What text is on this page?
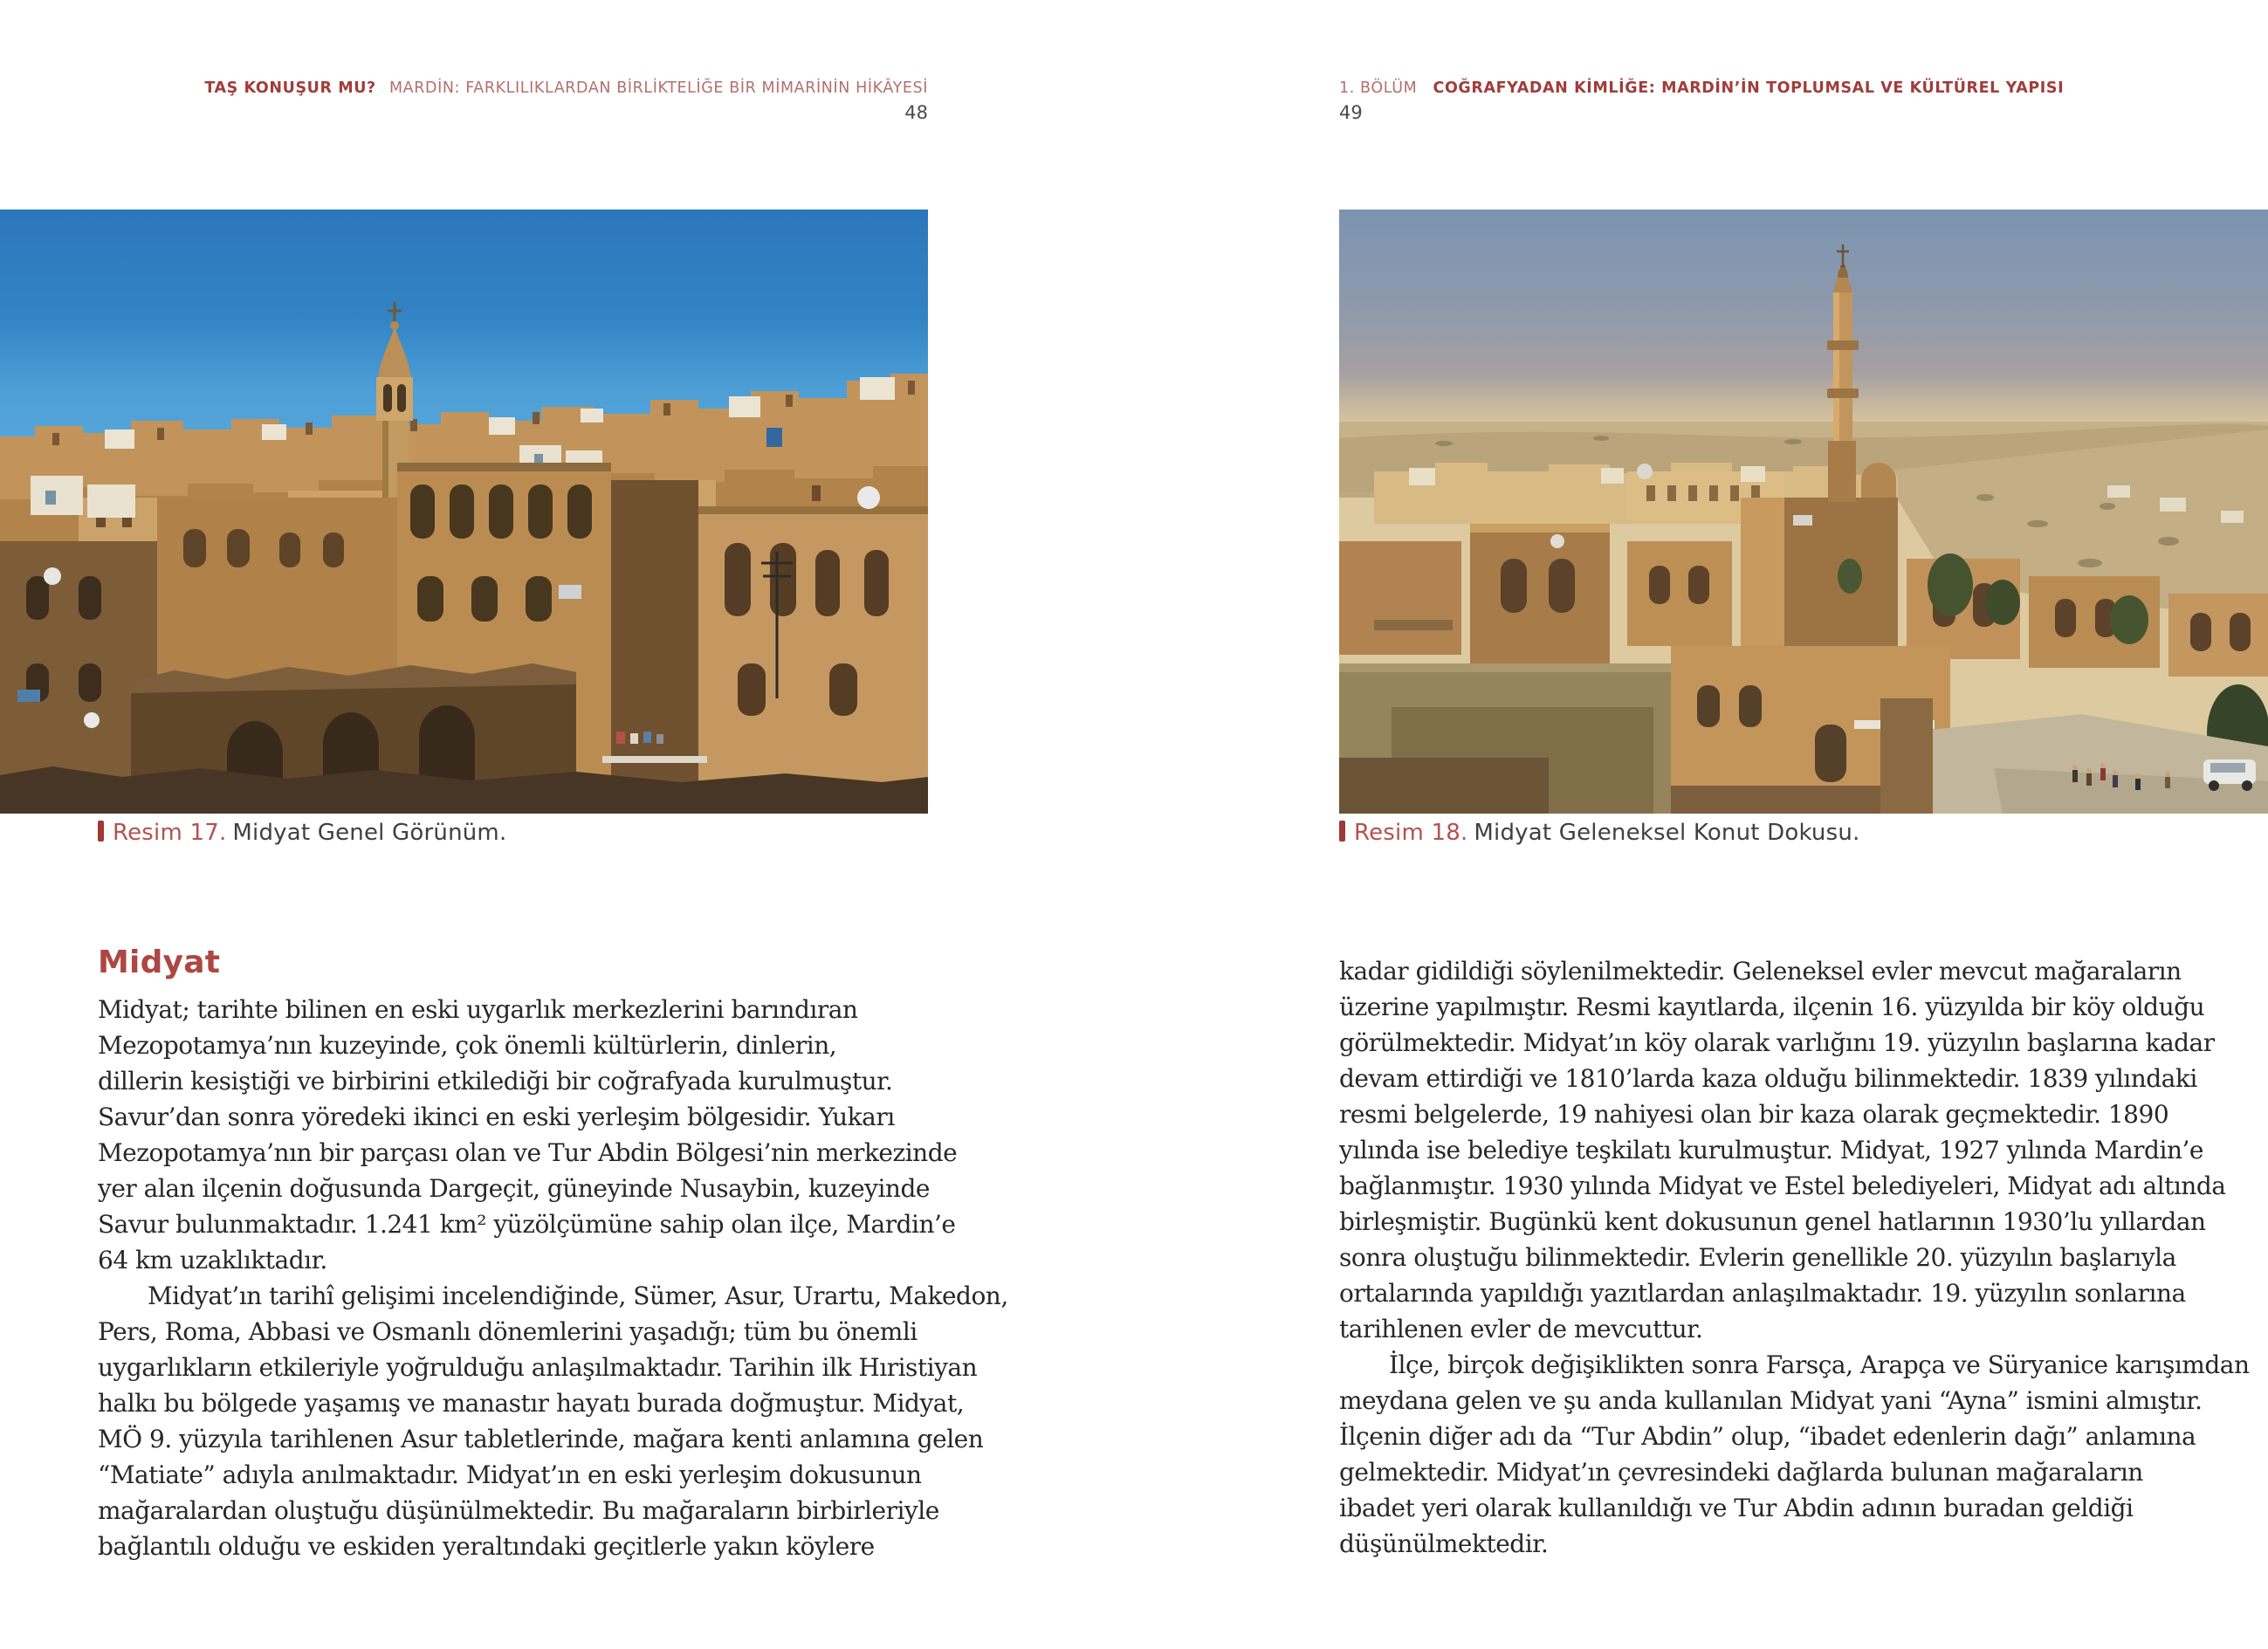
TAŞ KONUŞUR MU? MARDİN: FARKLILIKLARDAN BİRLİKTELİĞE BİR MİMARİNİN HİKÂYESİ
48
1. BÖLÜM COĞRAFYADAN KİMLİĞE: MARDİN’İN TOPLUMSAL VE KÜLTÜREL YAPISI
49
Resim 17. Midyat Genel Görünüm.	Resim 18. Midyat Geleneksel Konut Dokusu.
Midyat
Midyat; tarihte bilinen en eski uygarlık merkezlerini barındıran
Mezopotamya’nın kuzeyinde, çok önemli kültürlerin, dinlerin,
dillerin kesiştiği ve birbirini etkilediği bir coğrafyada kurulmuştur.
Savur’dan sonra yöredeki ikinci en eski yerleşim bölgesidir. Yukarı
Mezopotamya’nın bir parçası olan ve Tur Abdin Bölgesi’nin merkezinde
yer alan ilçenin doğusunda Dargeçit, güneyinde Nusaybin, kuzeyinde
Savur bulunmaktadır. 1.241 km² yüzölçümüne sahip olan ilçe, Mardin’e
64 km uzaklıktadır.
Midyat’ın tarihî gelişimi incelendiğinde, Sümer, Asur, Urartu, Makedon,
Pers, Roma, Abbasi ve Osmanlı dönemlerini yaşadığı; tüm bu önemli
uygarlıkların etkileriyle yoğrulduğu anlaşılmaktadır. Tarihin ilk Hıristiyan
halkı bu bölgede yaşamış ve manastır hayatı burada doğmuştur. Midyat,
MÖ 9. yüzyıla tarihlenen Asur tabletlerinde, mağara kenti anlamına gelen
“Matiate” adıyla anılmaktadır. Midyat’ın en eski yerleşim dokusunun
mağaralardan oluştuğu düşünülmektedir. Bu mağaraların birbirleriyle
bağlantılı olduğu ve eskiden yeraltındaki geçitlerle yakın köylere
kadar gidildiği söylenilmektedir. Geleneksel evler mevcut mağaraların
üzerine yapılmıştır. Resmi kayıtlarda, ilçenin 16. yüzyılda bir köy olduğu
görülmektedir. Midyat’ın köy olarak varlığını 19. yüzyılın başlarına kadar
devam ettirdiği ve 1810’larda kaza olduğu bilinmektedir. 1839 yılındaki
resmi belgelerde, 19 nahiyesi olan bir kaza olarak geçmektedir. 1890
yılında ise belediye teşkilatı kurulmuştur. Midyat, 1927 yılında Mardin’e
bağlanmıştır. 1930 yılında Midyat ve Estel belediyeleri, Midyat adı altında
birleşmiştir. Bugünkü kent dokusunun genel hatlarının 1930’lu yıllardan
sonra oluştuğu bilinmektedir. Evlerin genellikle 20. yüzyılın başlarıyla
ortalarında yapıldığı yazıtlardan anlaşılmaktadır. 19. yüzyılın sonlarına
tarihlenen evler de mevcuttur.
İlçe, birçok değişiklikten sonra Farsça, Arapça ve Süryanice karışımdan
meydana gelen ve şu anda kullanılan Midyat yani “Ayna” ismini almıştır.
İlçenin diğer adı da “Tur Abdin” olup, “ibadet edenlerin dağı” anlamına
gelmektedir. Midyat’ın çevresindeki dağlarda bulunan mağaraların
ibadet yeri olarak kullanıldığı ve Tur Abdin adının buradan geldiği
düşünülmektedir.
